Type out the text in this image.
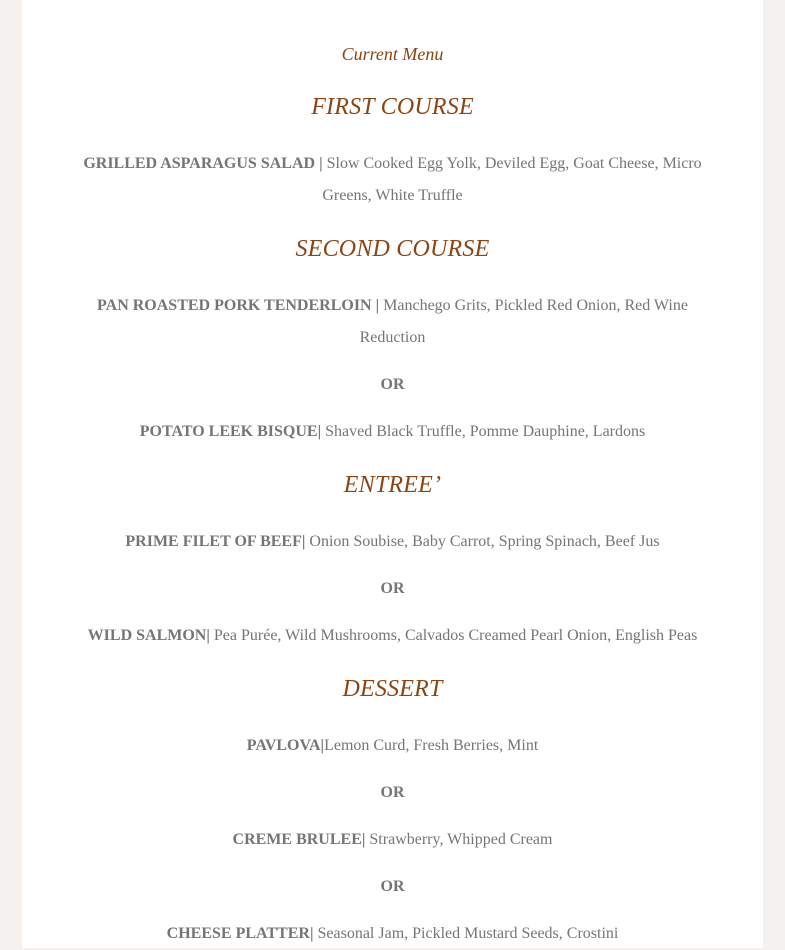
Current Menu
FIRST COURSE
GRILLED ASPARAGUS SALAD | Slow Cooked Egg Yolk, Deviled Egg, Goat Cheese, Micro Greens, White Truffle
SECOND COURSE
PAN ROASTED PORK TENDERLOIN | Manchego Grits, Pickled Red Onion, Red Wine Reduction
OR
POTATO LEEK BISQUE| Shaved Black Truffle, Pomme Dauphine, Lardons
ENTREE’
PRIME FILET OF BEEF| Onion Soubise, Baby Carrot, Spring Spinach, Beef Jus
OR
WILD SALMON| Pea Purée, Wild Mushrooms, Calvados Creamed Pearl Onion, English Peas
DESSERT
PAVLOVA|Lemon Curd, Fresh Berries, Mint
OR
CREME BRULEE| Strawberry, Whipped Cream
OR
CHEESE PLATTER| Seasonal Jam, Pickled Mustard Seeds, Crostini
